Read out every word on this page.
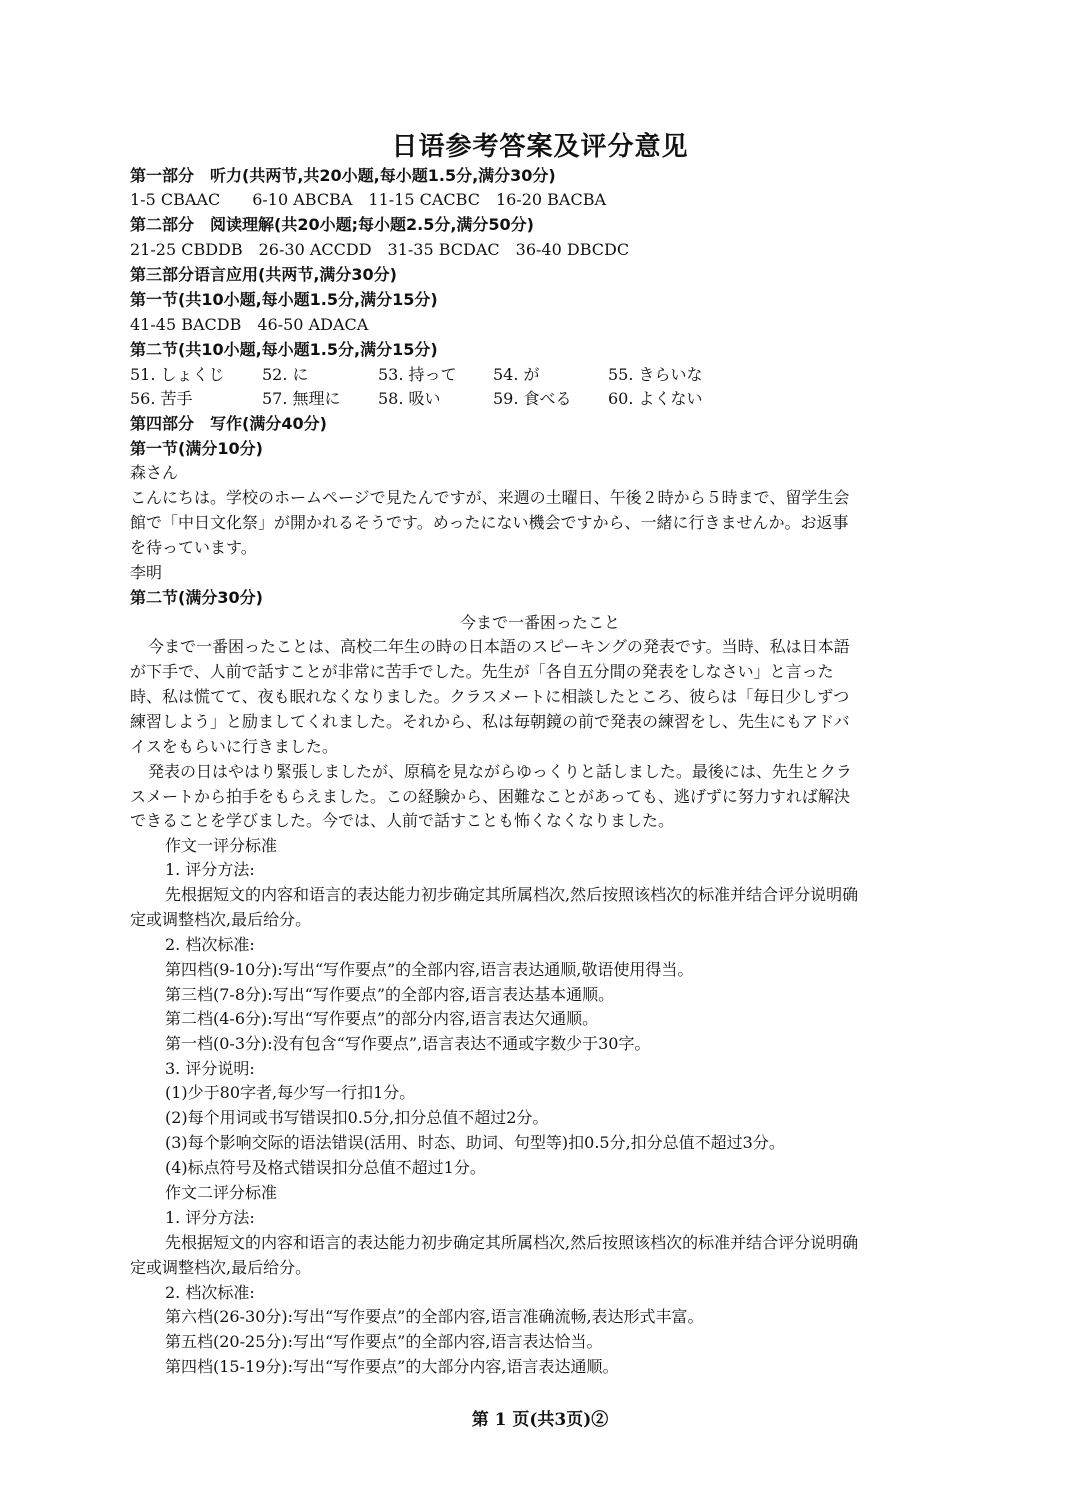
日语参考答案及评分意见
第一部分　听力(共两节,共20小题,每小题1.5分,满分30分)
1-5 CBAAC　　6-10 ABCBA　11-15 CACBC　16-20 BACBA
第二部分　阅读理解(共20小题;每小题2.5分,满分50分)
21-25 CBDDB　26-30 ACCDD　31-35 BCDAC　36-40 DBCDC
第三部分语言应用(共两节,满分30分)
第一节(共10小题,每小题1.5分,满分15分)
41-45 BACDB　46-50 ADACA
第二节(共10小题,每小题1.5分,满分15分)
51. しょくじ 52. に	53. 持って 54. が	55. きらいな
56. 苦手	57. 無理に 58. 吸い	59. 食べる 60. よくない
第四部分　写作(满分40分)
第一节(满分10分)
森さん
こんにちは。学校のホームページで見たんですが、来週の土曜日、午後２時から５時まで、留学生会
館で「中日文化祭」が開かれるそうです。めったにない機会ですから、一緒に行きませんか。お返事
を待っています。
李明
第二节(满分30分)
今まで一番困ったこと
今まで一番困ったことは、高校二年生の時の日本語のスピーキングの発表です。当時、私は日本語
が下手で、人前で話すことが非常に苦手でした。先生が「各自五分間の発表をしなさい」と言った
時、私は慌てて、夜も眠れなくなりました。クラスメートに相談したところ、彼らは「毎日少しずつ
練習しよう」と励ましてくれました。それから、私は毎朝鏡の前で発表の練習をし、先生にもアドバ
イスをもらいに行きました。
発表の日はやはり緊張しましたが、原稿を見ながらゆっくりと話しました。最後には、先生とクラ
スメートから拍手をもらえました。この経験から、困難なことがあっても、逃げずに努力すれば解決
できることを学びました。今では、人前で話すことも怖くなくなりました。
作文一评分标准
1. 评分方法:
先根据短文的内容和语言的表达能力初步确定其所属档次,然后按照该档次的标准并结合评分说明确
定或调整档次,最后给分。
2. 档次标准:
第四档(9-10分):写出“写作要点”的全部内容,语言表达通顺,敬语使用得当。
第三档(7-8分):写出“写作要点”的全部内容,语言表达基本通顺。
第二档(4-6分):写出“写作要点”的部分内容,语言表达欠通顺。
第一档(0-3分):没有包含“写作要点”,语言表达不通或字数少于30字。
3. 评分说明:
(1)少于80字者,每少写一行扣1分。
(2)每个用词或书写错误扣0.5分,扣分总值不超过2分。
(3)每个影响交际的语法错误(活用、时态、助词、句型等)扣0.5分,扣分总值不超过3分。
(4)标点符号及格式错误扣分总值不超过1分。
作文二评分标准
1. 评分方法:
先根据短文的内容和语言的表达能力初步确定其所属档次,然后按照该档次的标准并结合评分说明确
定或调整档次,最后给分。
2. 档次标准:
第六档(26-30分):写出“写作要点”的全部内容,语言准确流畅,表达形式丰富。
第五档(20-25分):写出“写作要点”的全部内容,语言表达恰当。
第四档(15-19分):写出“写作要点”的大部分内容,语言表达通顺。
第 1 页(共3页)②
